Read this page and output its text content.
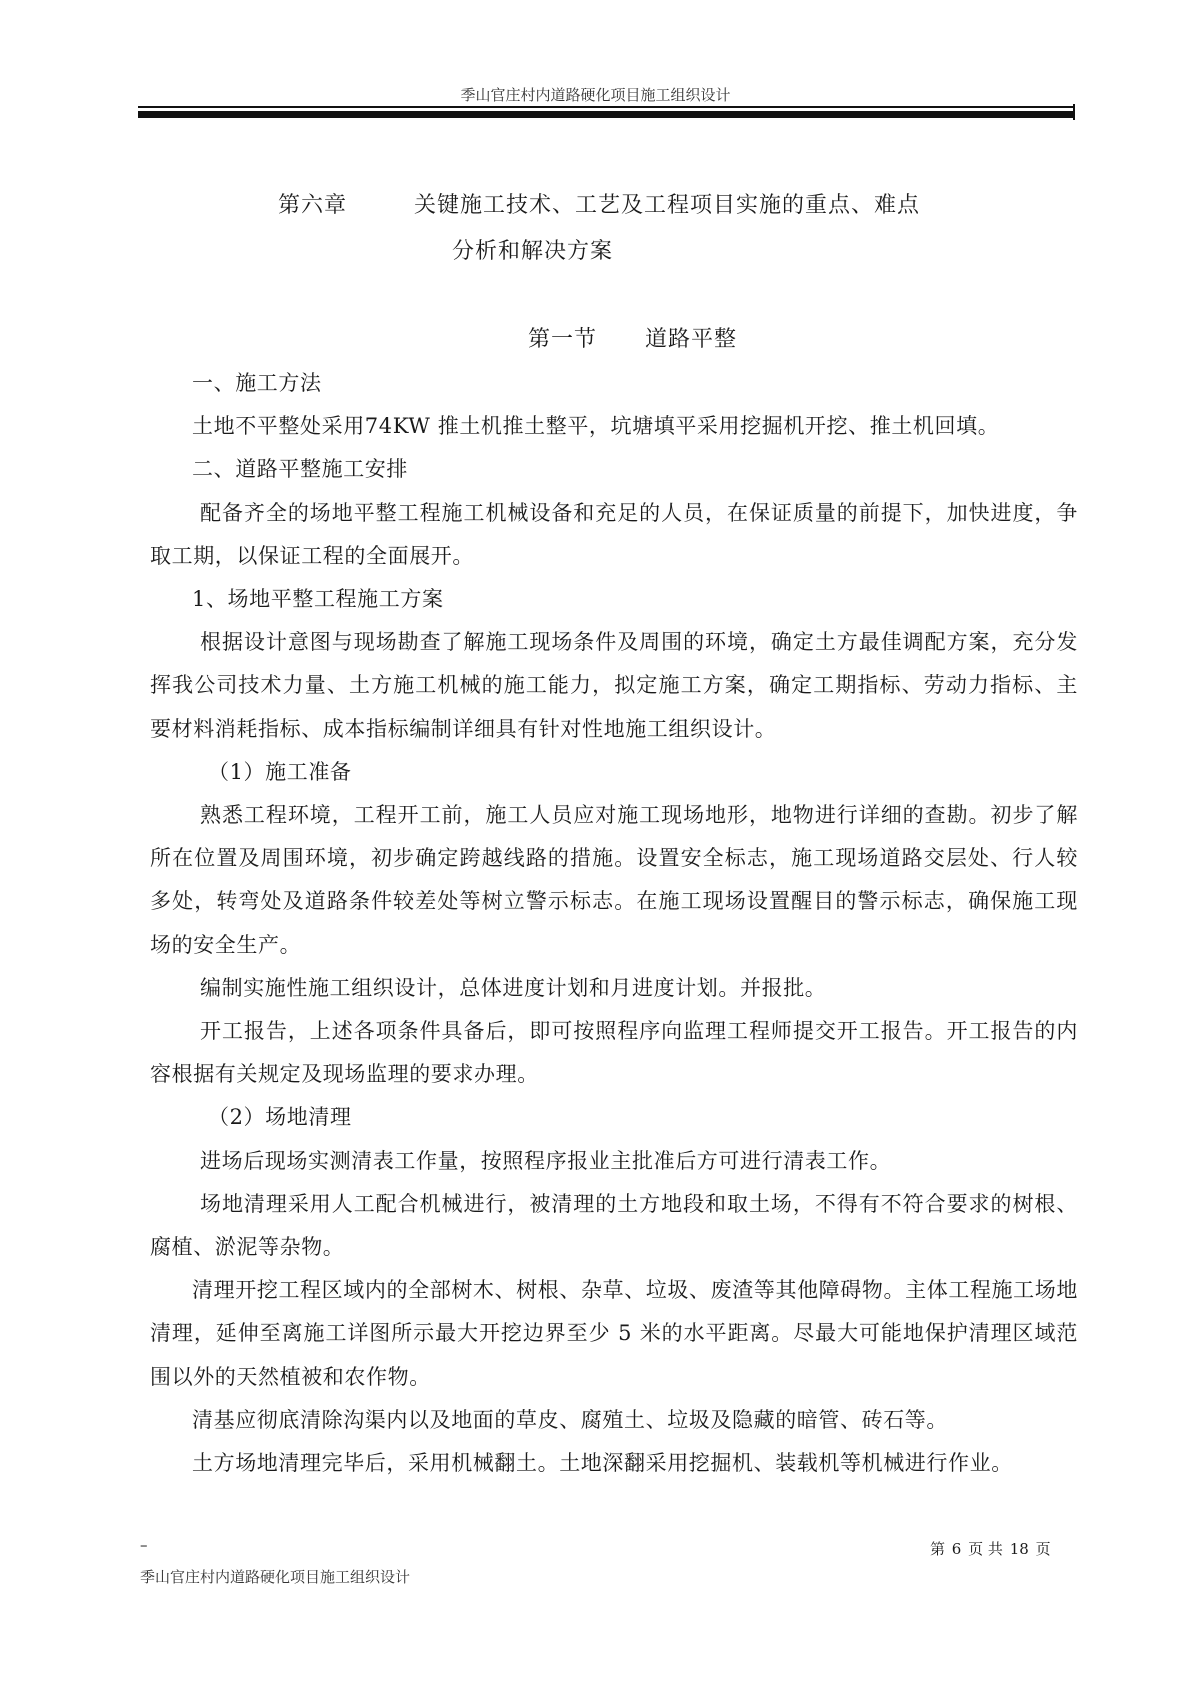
季山官庄村内道路硬化项目施工组织设计
第六章	关键施工技术、工艺及工程项目实施的重点、难点
分析和解决方案
第一节 道路平整

一、施工方法

土地不平整处采用74KW 推土机推土整平，坑塘填平采用挖掘机开挖、推土机回填。

二、道路平整施工安排

配备齐全的场地平整工程施工机械设备和充足的人员，在保证质量的前提下，加快进度，争取工期，以保证工程的全面展开。

1、场地平整工程施工方案

根据设计意图与现场勘查了解施工现场条件及周围的环境，确定土方最佳调配方案，充分发挥我公司技术力量、土方施工机械的施工能力，拟定施工方案，确定工期指标、劳动力指标、主要材料消耗指标、成本指标编制详细具有针对性地施工组织设计。

（1）施工准备

熟悉工程环境，工程开工前，施工人员应对施工现场地形，地物进行详细的查勘。初步了解所在位置及周围环境，初步确定跨越线路的措施。设置安全标志，施工现场道路交层处、行人较多处，转弯处及道路条件较差处等树立警示标志。在施工现场设置醒目的警示标志，确保施工现场的安全生产。

编制实施性施工组织设计，总体进度计划和月进度计划。并报批。

开工报告，上述各项条件具备后，即可按照程序向监理工程师提交开工报告。开工报告的内容根据有关规定及现场监理的要求办理。

（2）场地清理

进场后现场实测清表工作量，按照程序报业主批准后方可进行清表工作。

场地清理采用人工配合机械进行，被清理的土方地段和取土场，不得有不符合要求的树根、腐植、淤泥等杂物。

清理开挖工程区域内的全部树木、树根、杂草、垃圾、废渣等其他障碍物。主体工程施工场地清理，延伸至离施工详图所示最大开挖边界至少 5 米的水平距离。尽最大可能地保护清理区域范围以外的天然植被和农作物。

清基应彻底清除沟渠内以及地面的草皮、腐殖土、垃圾及隐藏的暗管、砖石等。

土方场地清理完毕后，采用机械翻土。土地深翻采用挖掘机、装载机等机械进行作业。

–	第 6 页 共 18 页
季山官庄村内道路硬化项目施工组织设计
